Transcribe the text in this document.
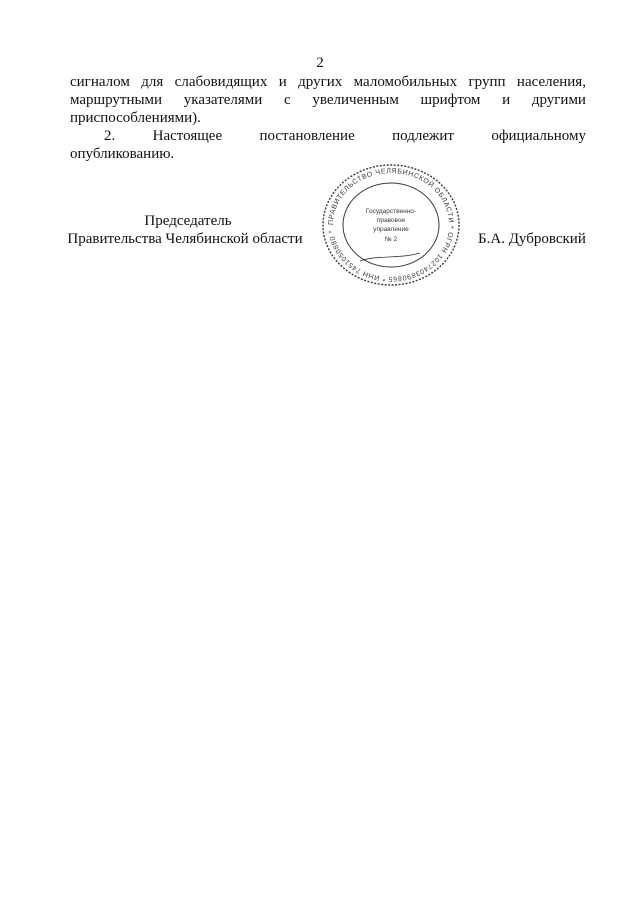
2
сигналом для слабовидящих и других маломобильных групп населения,
маршрутными указателями с увеличенным шрифтом и другими
приспособлениями).
2. Настоящее постановление подлежит официальному
опубликованию.
Председатель
Правительства Челябинской области
ПРАВИТЕЛЬСТВО ЧЕЛЯБИНСКОЙ ОБЛАСТИ * ОГРН 1027403890865 * ИНН 7451050880 *
Государственно-
правовое
управление
№ 2	Б.А. Дубровский
